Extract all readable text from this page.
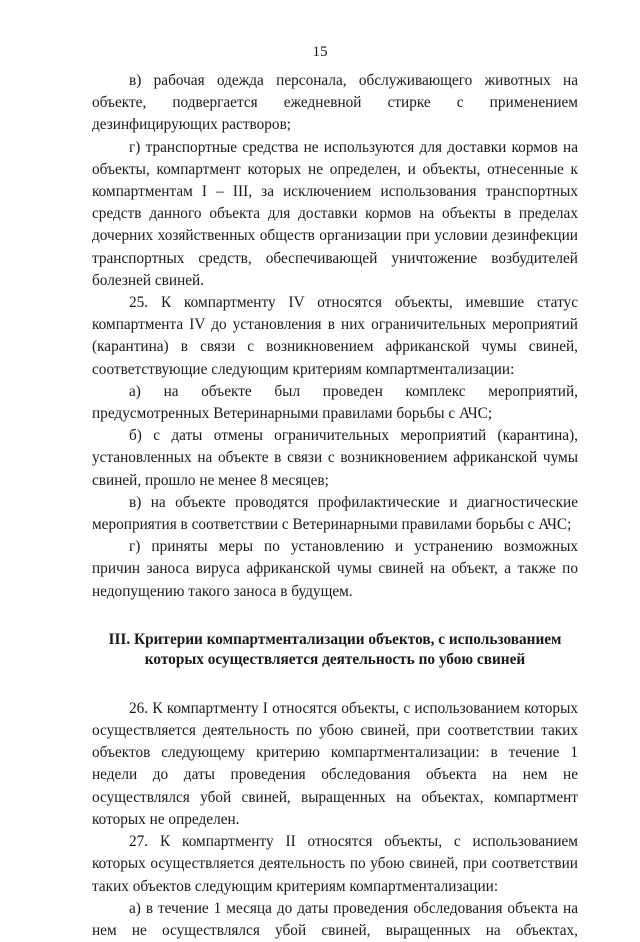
15

в) рабочая одежда персонала, обслуживающего животных на объекте, подвергается ежедневной стирке с применением дезинфицирующих растворов;

г) транспортные средства не используются для доставки кормов на объекты, компартмент которых не определен, и объекты, отнесенные к компартментам I – III, за исключением использования транспортных средств данного объекта для доставки кормов на объекты в пределах дочерних хозяйственных обществ организации при условии дезинфекции транспортных средств, обеспечивающей уничтожение возбудителей болезней свиней.

25. К компартменту IV относятся объекты, имевшие статус компартмента IV до установления в них ограничительных мероприятий (карантина) в связи с возникновением африканской чумы свиней, соответствующие следующим критериям компартментализации:

а) на объекте был проведен комплекс мероприятий, предусмотренных Ветеринарными правилами борьбы с АЧС;

б) с даты отмены ограничительных мероприятий (карантина), установленных на объекте в связи с возникновением африканской чумы свиней, прошло не менее 8 месяцев;

в) на объекте проводятся профилактические и диагностические мероприятия в соответствии с Ветеринарными правилами борьбы с АЧС;

г) приняты меры по установлению и устранению возможных причин заноса вируса африканской чумы свиней на объект, а также по недопущению такого заноса в будущем.

III. Критерии компартментализации объектов, с использованием которых осуществляется деятельность по убою свиней

26. К компартменту I относятся объекты, с использованием которых осуществляется деятельность по убою свиней, при соответствии таких объектов следующему критерию компартментализации: в течение 1 недели до даты проведения обследования объекта на нем не осуществлялся убой свиней, выращенных на объектах, компартмент которых не определен.

27. К компартменту II относятся объекты, с использованием которых осуществляется деятельность по убою свиней, при соответствии таких объектов следующим критериям компартментализации:

а) в течение 1 месяца до даты проведения обследования объекта на нем не осуществлялся убой свиней, выращенных на объектах,
